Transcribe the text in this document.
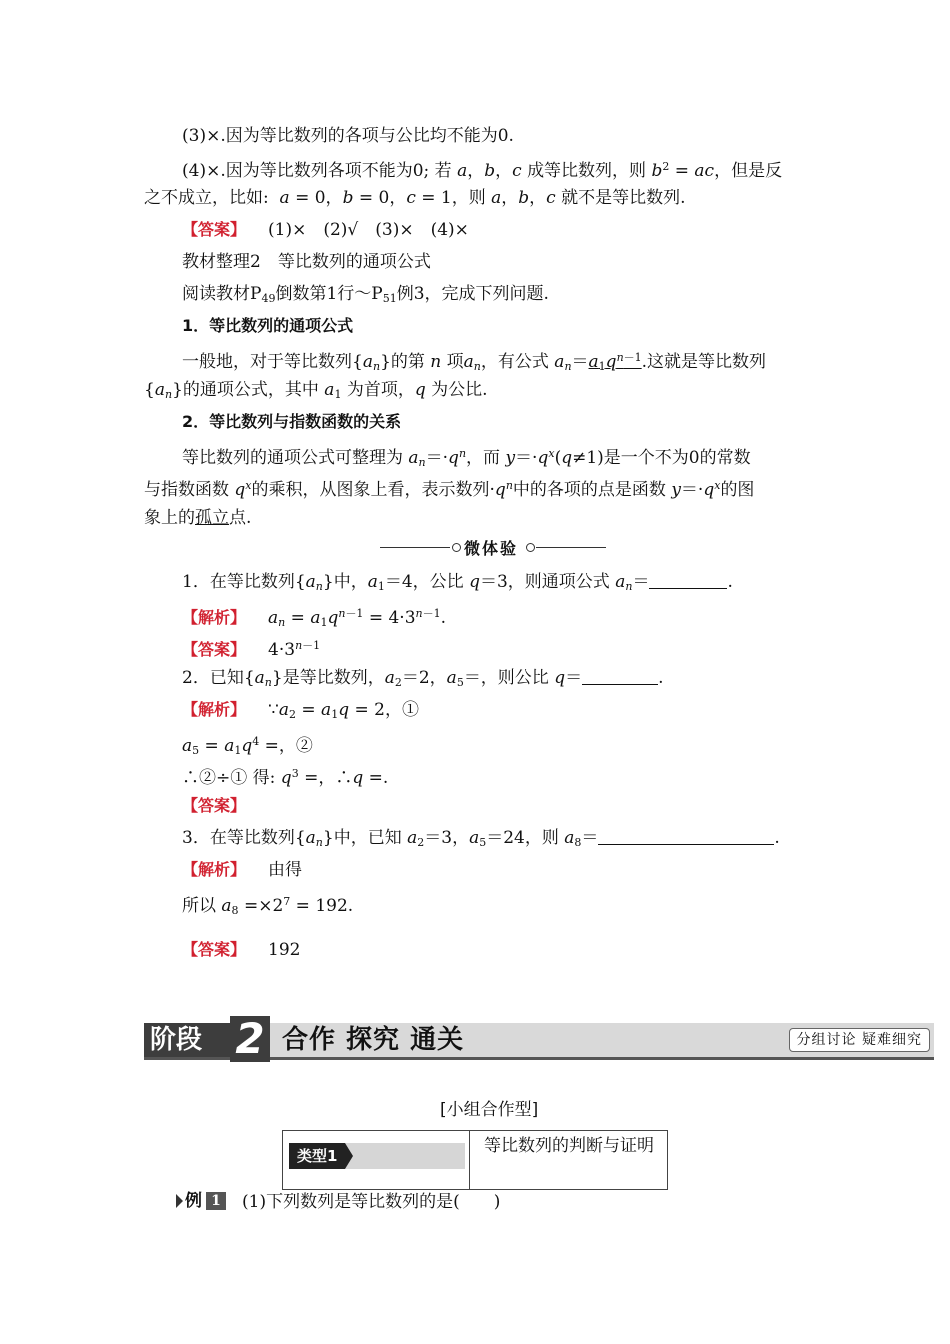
(3)×.因为等比数列的各项与公比均不能为0.
(4)×.因为等比数列各项不能为0; 若 a，b，c 成等比数列，则 $b^2$ = ac，但是反
之不成立，比如: a = 0，b = 0，c = 1，则 a，b，c 就不是等比数列.
【答案】 (1)×　 (2)√　 (3)×　 (4)×
教材整理2　等比数列的通项公式
阅读教材$P_{49}$倒数第1行$\sim P_{51}$例3，完成下列问题.
1．等比数列的通项公式
一般地，对于等比数列$\{a_n\}$的第 n 项$a_n$，有公式 $a_n=a_1q^{n-1}$.这就是等比数列
$\{a_n\}$的通项公式，其中 $a_1$ 为首项，q 为公比.
2．等比数列与指数函数的关系
等比数列的通项公式可整理为 $a_n=\cdot q^n$，而 $y=\cdot q^x(q\ne 1)$是一个不为0的常数
与指数函数 $q^x$的乘积，从图象上看，表示数列$\cdot q^n$中的各项的点是函数 $y=\cdot q^x$的图
象上的孤立点.
微体验
1．在等比数列$\{a_n\}$中，$a_1=4$，公比 q＝3，则通项公式 $a_n=$	.
【解析】 $a_n = a_1q^{n-1} = 4\cdot 3^{n-1}$.
【答案】 $4\cdot 3^{n-1}$
2．已知$\{a_n\}$是等比数列，$a_2=2$，$a_5=$，则公比 q＝	.
【解析】 $\because a_2 = a_1q = 2$，①
$a_5 = a_1q^4$ =，②
∴②÷① 得: $q^3$ =，∴q =.
【答案】
3．在等比数列$\{a_n\}$中，已知 $a_2=3$，$a_5=24$，则 $a_8=$	.
【解析】 由得
所以 $a_8 =\times 2^7 = 192$.
【答案】 192
阶段 2 合作 探究 通关	分组讨论 疑难细究
[小组合作型]
类型1	等比数列的判断与证明
例 1	(1)下列数列是等比数列的是(　　)
